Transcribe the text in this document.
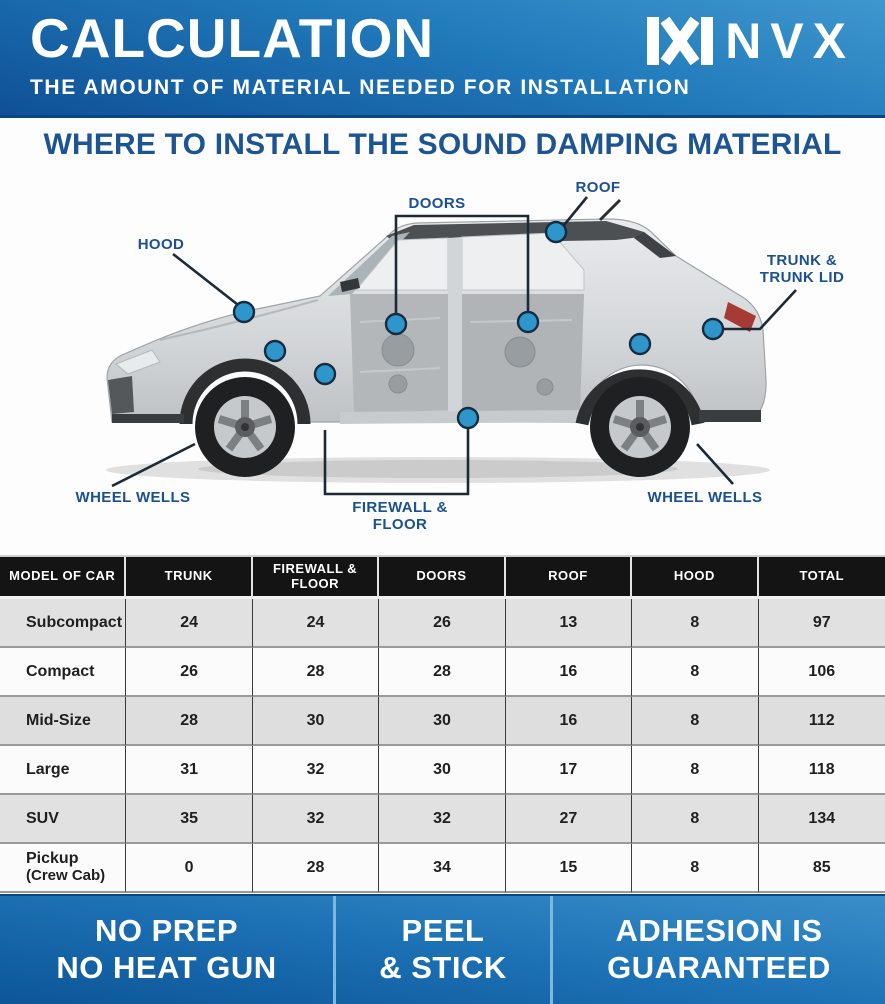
CALCULATION	NVX
THE AMOUNT OF MATERIAL NEEDED FOR INSTALLATION
WHERE TO INSTALL THE SOUND DAMPING MATERIAL
HOOD
DOORS
ROOF
TRUNK &
TRUNK LID
WHEEL WELLS	WHEEL WELLS
FIREWALL &
FLOOR
MODEL OF CAR	TRUNK	FIREWALL & FLOOR	DOORS	ROOF	HOOD	TOTAL
Subcompact	24	24	26	13	8	97
Compact	26	28	28	16	8	106
Mid-Size	28	30	30	16	8	112
Large	31	32	30	17	8	118
SUV	35	32	32	27	8	134
Pickup
(Crew Cab)
0	28	34	15	8	85
NO PREP
NO HEAT GUN
PEEL
& STICK
ADHESION IS
GUARANTEED
